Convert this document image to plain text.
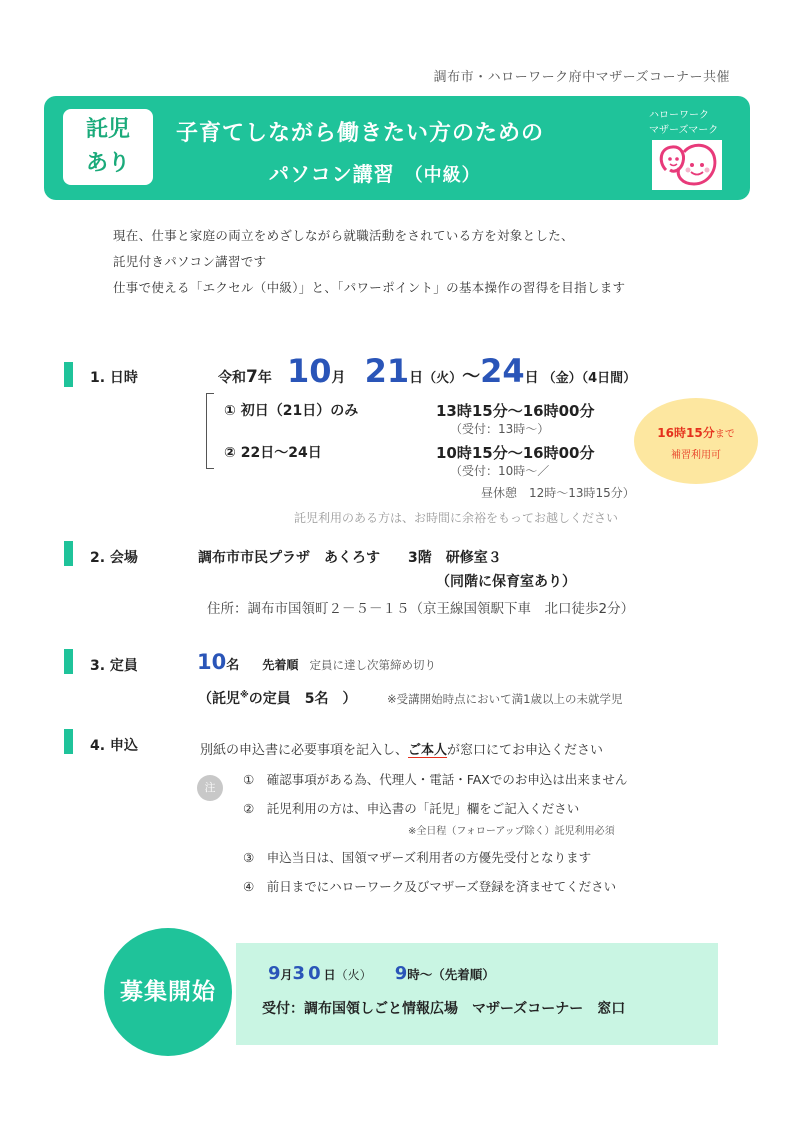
調布市・ハローワーク府中マザーズコーナー共催
託児
あり
子育てしながら働きたい方のための
パソコン講習 （中級）
ハローワーク
マザーズマーク
現在、仕事と家庭の両立をめざしながら就職活動をされている方を対象とした、
託児付きパソコン講習です
仕事で使える「エクセル（中級）」と、「パワーポイント」の基本操作の習得を目指します
1. 日時	令和7年 10月 21日（火）～24日 （金）（4日間）
① 初日（21日）のみ	13時15分～16時00分
（受付：13時～）
② 22日～24日	10時15分～16時00分
（受付：10時～／
昼休憩　12時～13時15分）
16時15分まで
補習利用可
託児利用のある方は、お時間に余裕をもってお越しください
2. 会場	調布市市民プラザ　あくろす　　3階　研修室３
（同階に保育室あり）
住所：調布市国領町２－５－１５（京王線国領駅下車　北口徒歩2分）
3. 定員	10名 先着順 定員に達し次第締め切り
（託児※の定員　5名　）	※受講開始時点において満1歳以上の未就学児
4. 申込	別紙の申込書に必要事項を記入し、ご本人が窓口にてお申込ください
注
①　確認事項がある為、代理人・電話・FAXでのお申込は出来ません
②　託児利用の方は、申込書の「託児」欄をご記入ください
※全日程（フォローアップ除く）託児利用必須
③　申込当日は、国領マザーズ利用者の方優先受付となります
④　前日までにハローワーク及びマザーズ登録を済ませてください
募集開始
9月30日（火） 9時～（先着順）
受付：調布国領しごと情報広場　マザーズコーナー　窓口
